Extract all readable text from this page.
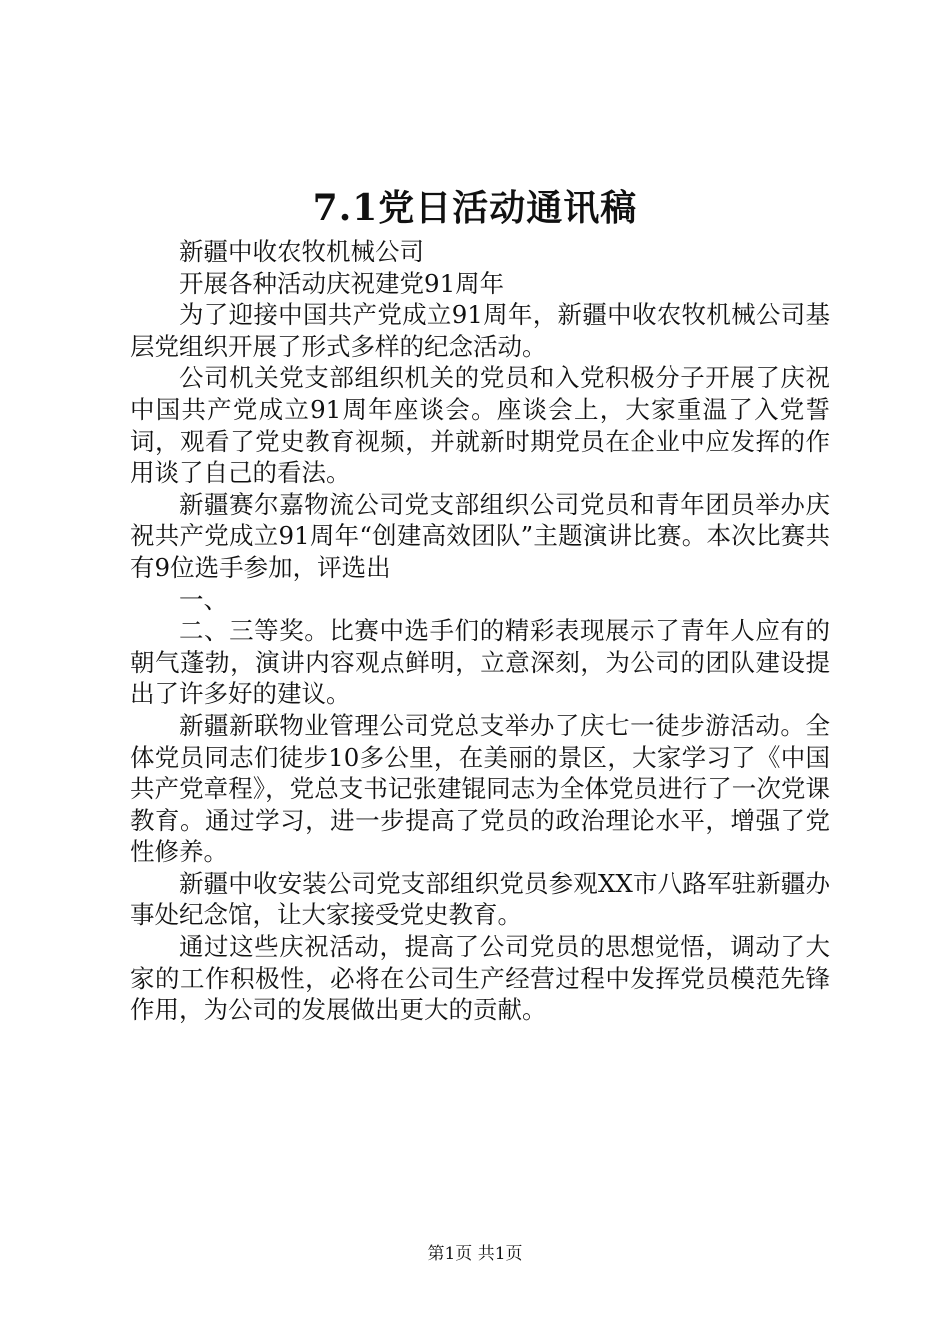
7.1党日活动通讯稿

新疆中收农牧机械公司

开展各种活动庆祝建党91周年

为了迎接中国共产党成立91周年，新疆中收农牧机械公司基层党组织开展了形式多样的纪念活动。

公司机关党支部组织机关的党员和入党积极分子开展了庆祝中国共产党成立91周年座谈会。座谈会上，大家重温了入党誓词，观看了党史教育视频，并就新时期党员在企业中应发挥的作用谈了自己的看法。

新疆赛尔嘉物流公司党支部组织公司党员和青年团员举办庆祝共产党成立91周年“创建高效团队”主题演讲比赛。本次比赛共有9位选手参加，评选出

一、

二、三等奖。比赛中选手们的精彩表现展示了青年人应有的朝气蓬勃，演讲内容观点鲜明，立意深刻，为公司的团队建设提出了许多好的建议。

新疆新联物业管理公司党总支举办了庆七一徒步游活动。全体党员同志们徒步10多公里，在美丽的景区，大家学习了《中国共产党章程》，党总支书记张建锟同志为全体党员进行了一次党课教育。通过学习，进一步提高了党员的政治理论水平，增强了党性修养。

新疆中收安装公司党支部组织党员参观XX市八路军驻新疆办事处纪念馆，让大家接受党史教育。

通过这些庆祝活动，提高了公司党员的思想觉悟，调动了大家的工作积极性，必将在公司生产经营过程中发挥党员模范先锋作用，为公司的发展做出更大的贡献。

第1页 共1页
